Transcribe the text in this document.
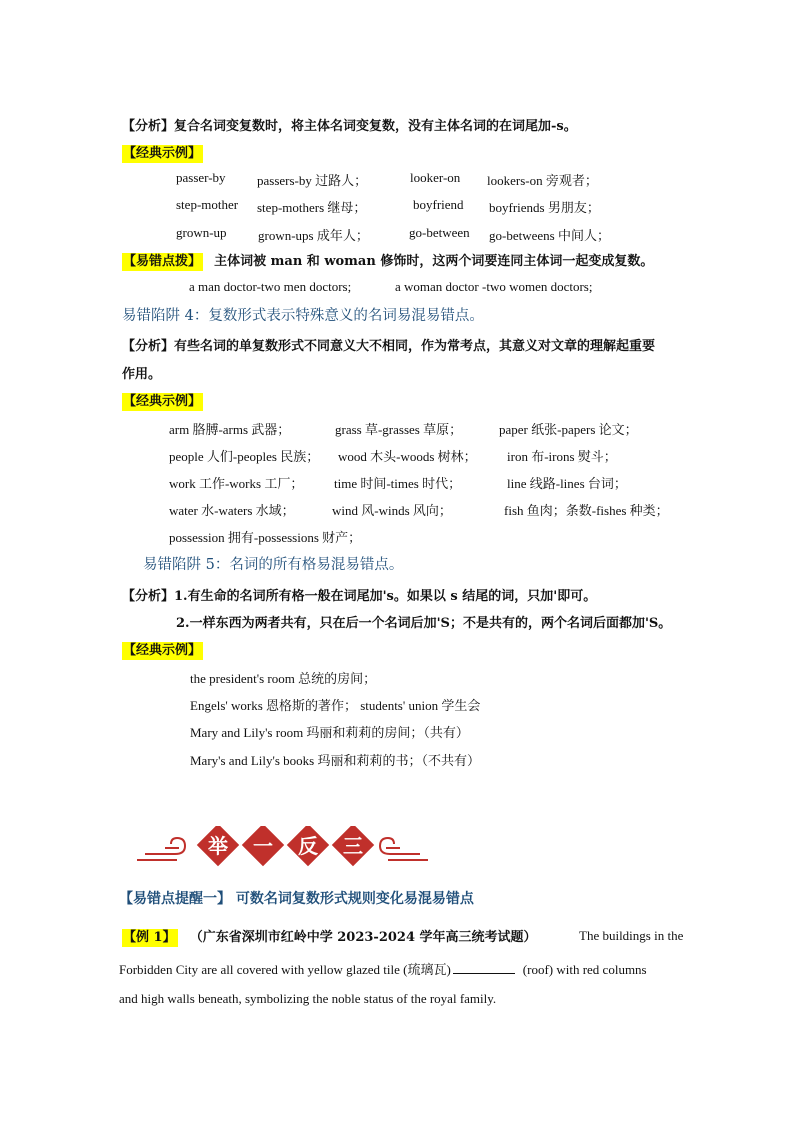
【分析】复合名词变复数时，将主体名词变复数，没有主体名词的在词尾加-s。
【经典示例】
passer-by passers-by 过路人；	looker-on lookers-on 旁观者；
step-mother step-mothers 继母；	boyfriend boyfriends 男朋友；
grown-up grown-ups 成年人；	go-between go-betweens 中间人；
【易错点拨】 主体词被 man 和 woman 修饰时，这两个词要连同主体词一起变成复数。
a man doctor-two men doctors;	a woman doctor -two women doctors;
易错陷阱 4：复数形式表示特殊意义的名词易混易错点。
【分析】有些名词的单复数形式不同意义大不相同，作为常考点，其意义对文章的理解起重要
作用。
【经典示例】
arm 胳膊-arms 武器；	grass 草-grasses 草原；	paper 纸张-papers 论文；
people 人们-peoples 民族； wood 木头-woods 树林； iron 布-irons 熨斗；
work 工作-works 工厂； time 时间-times 时代；	line 线路-lines 台词；
water 水-waters 水域；	wind 风-winds 风向；	fish 鱼肉；条数-fishes 种类；
possession 拥有-possessions 财产；
易错陷阱 5：名词的所有格易混易错点。
【分析】1.有生命的名词所有格一般在词尾加's。如果以 s 结尾的词，只加'即可。
2.一样东西为两者共有，只在后一个名词后加'S；不是共有的，两个名词后面都加'S。
【经典示例】
the president's room 总统的房间；
Engels' works 恩格斯的著作； students' union 学生会
Mary and Lily's room 玛丽和莉莉的房间；（共有）
Mary's and Lily's books 玛丽和莉莉的书；（不共有）
举 一 反 三
【易错点提醒一】 可数名词复数形式规则变化易混易错点
【例 1】 （广东省深圳市红岭中学 2023-2024 学年高三统考试题）	The buildings in the
Forbidden City are all covered with yellow glazed tile (琉璃瓦)	(roof) with red columns
and high walls beneath, symbolizing the noble status of the royal family.
